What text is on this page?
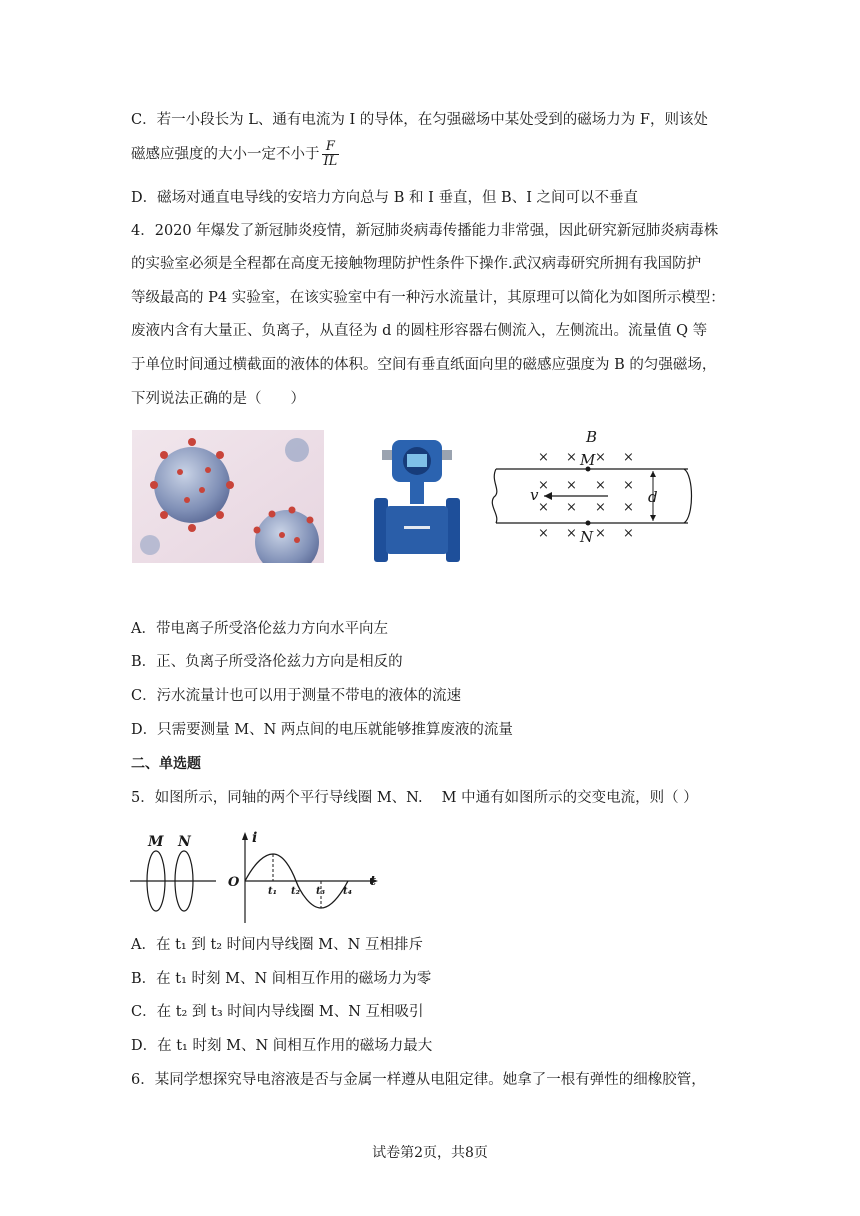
C．若一小段长为 L、通有电流为 I 的导体，在匀强磁场中某处受到的磁场力为 F，则该处
磁感应强度的大小一定不小于 $\frac{F}{IL}$
D．磁场对通直电导线的安培力方向总与 B 和 I 垂直，但 B、I 之间可以不垂直
4．2020 年爆发了新冠肺炎疫情，新冠肺炎病毒传播能力非常强，因此研究新冠肺炎病毒株
的实验室必须是全程都在高度无接触物理防护性条件下操作.武汉病毒研究所拥有我国防护
等级最高的 P4 实验室，在该实验室中有一种污水流量计，其原理可以简化为如图所示模型：
废液内含有大量正、负离子，从直径为 d 的圆柱形容器右侧流入，左侧流出。流量值 Q 等
于单位时间通过横截面的液体的体积。空间有垂直纸面向里的磁感应强度为 B 的匀强磁场，
下列说法正确的是（　　）
B
× × × ×
× × × ×
× × × ×
× × × ×
M
N
v	d
A．带电离子所受洛伦兹力方向水平向左
B．正、负离子所受洛伦兹力方向是相反的
C．污水流量计也可以用于测量不带电的液体的流速
D．只需要测量 M、N 两点间的电压就能够推算废液的流量
二、单选题
5．如图所示，同轴的两个平行导线圈 M、N.　 M 中通有如图所示的交变电流，则（ ）
M N	i
O	t
t₁ t₂ t₃ t₄
A．在 t₁ 到 t₂ 时间内导线圈 M、N 互相排斥
B．在 t₁ 时刻 M、N 间相互作用的磁场力为零
C．在 t₂ 到 t₃ 时间内导线圈 M、N 互相吸引
D．在 t₁ 时刻 M、N 间相互作用的磁场力最大
6．某同学想探究导电溶液是否与金属一样遵从电阻定律。她拿了一根有弹性的细橡胶管，
试卷第2页，共8页
